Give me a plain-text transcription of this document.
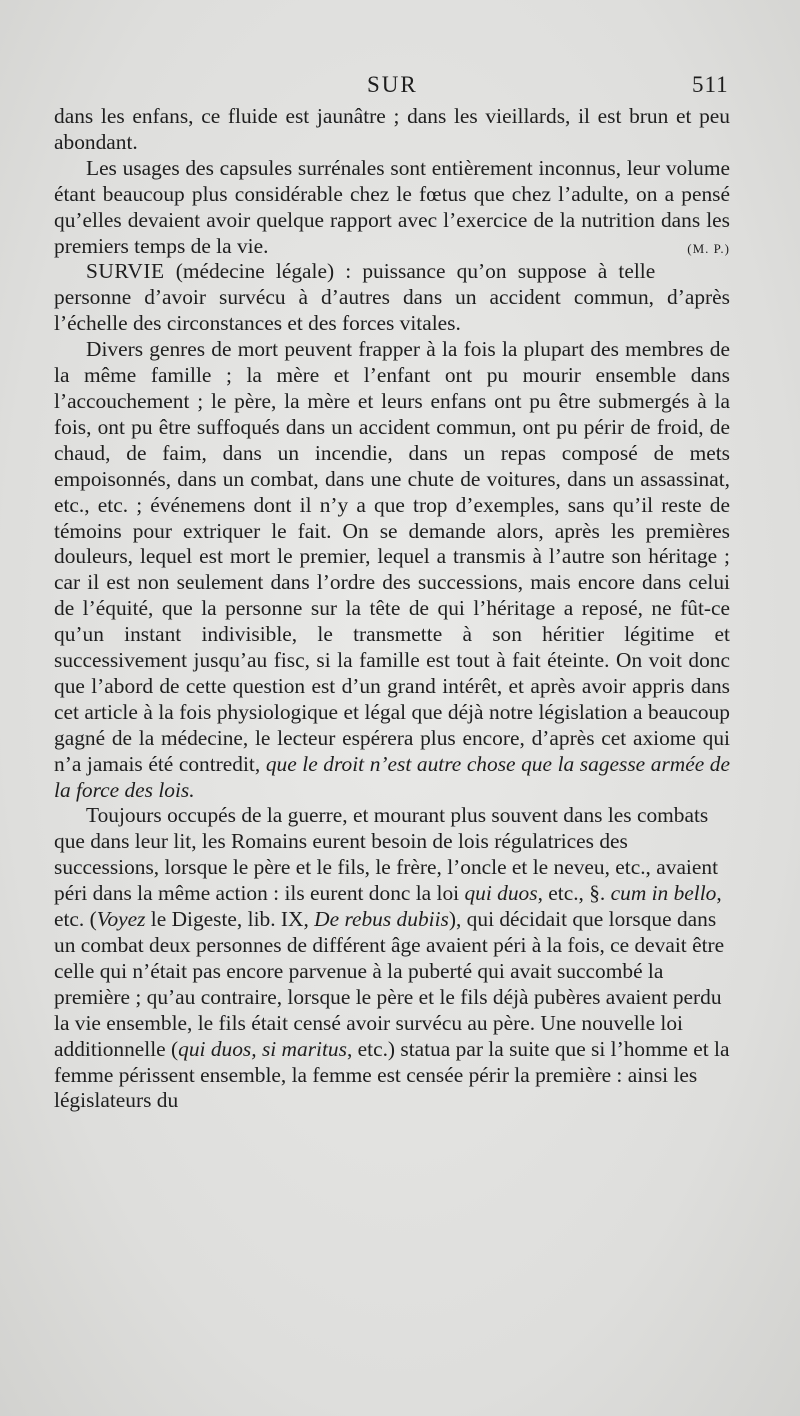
SUR	511

dans les enfans, ce fluide est jaunâtre ; dans les vieillards, il est brun et peu abondant.

Les usages des capsules surrénales sont entièrement inconnus, leur volume étant beaucoup plus considérable chez le fœtus que chez l’adulte, on a pensé qu’elles devaient avoir quelque rapport avec l’exercice de la nutrition dans les premiers temps de la vie.	(M. P.)

SURVIE (médecine légale) : puissance qu’on suppose à telle personne d’avoir survécu à d’autres dans un accident commun, d’après l’échelle des circonstances et des forces vitales.

Divers genres de mort peuvent frapper à la fois la plupart des membres de la même famille ; la mère et l’enfant ont pu mourir ensemble dans l’accouchement ; le père, la mère et leurs enfans ont pu être submergés à la fois, ont pu être suffoqués dans un accident commun, ont pu périr de froid, de chaud, de faim, dans un incendie, dans un repas composé de mets empoisonnés, dans un combat, dans une chute de voitures, dans un assassinat, etc., etc. ; événemens dont il n’y a que trop d’exemples, sans qu’il reste de témoins pour extriquer le fait. On se demande alors, après les premières douleurs, lequel est mort le premier, lequel a transmis à l’autre son héritage ; car il est non seulement dans l’ordre des successions, mais encore dans celui de l’équité, que la personne sur la tête de qui l’héritage a reposé, ne fût-ce qu’un instant indivisible, le transmette à son héritier légitime et successivement jusqu’au fisc, si la famille est tout à fait éteinte. On voit donc que l’abord de cette question est d’un grand intérêt, et après avoir appris dans cet article à la fois physiologique et légal que déjà notre législation a beaucoup gagné de la médecine, le lecteur espérera plus encore, d’après cet axiome qui n’a jamais été contredit, que le droit n’est autre chose que la sagesse armée de la force des lois.

Toujours occupés de la guerre, et mourant plus souvent dans les combats que dans leur lit, les Romains eurent besoin de lois régulatrices des successions, lorsque le père et le fils, le frère, l’oncle et le neveu, etc., avaient péri dans la même action : ils eurent donc la loi qui duos, etc., §. cum in bello, etc. (Voyez le Digeste, lib. IX, De rebus dubiis), qui décidait que lorsque dans un combat deux personnes de différent âge avaient péri à la fois, ce devait être celle qui n’était pas encore parvenue à la puberté qui avait succombé la première ; qu’au contraire, lorsque le père et le fils déjà pubères avaient perdu la vie ensemble, le fils était censé avoir survécu au père. Une nouvelle loi additionnelle (qui duos, si maritus, etc.) statua par la suite que si l’homme et la femme périssent ensemble, la femme est censée périr la première : ainsi les législateurs du
